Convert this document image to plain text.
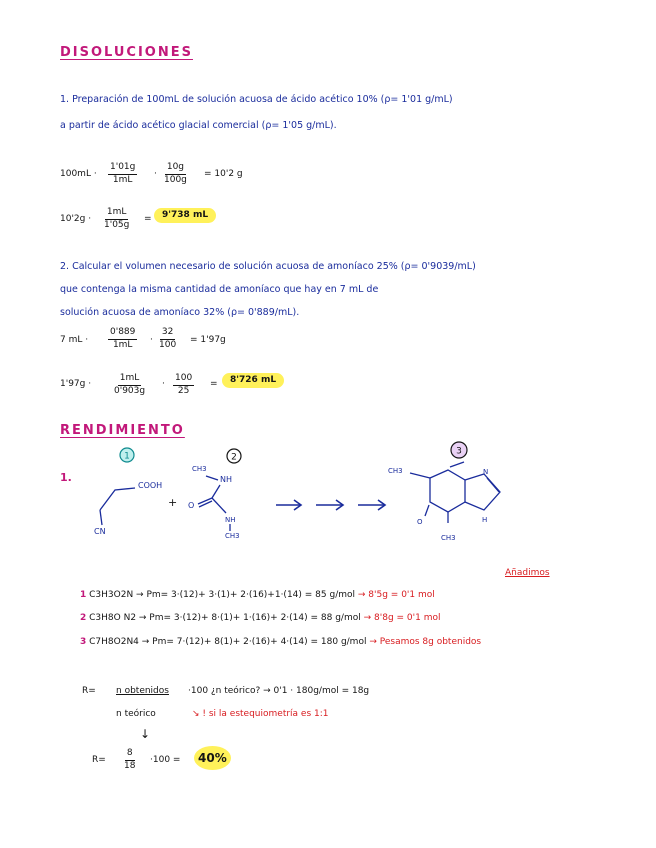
DISOLUCIONES
1. Preparación de 100mL de solución acuosa de ácido acético 10% (ρ= 1'01 g/mL)
a partir de ácido acético glacial comercial (ρ= 1'05 g/mL).
$100mL \cdot \frac{1'01g}{1mL} \cdot \frac{10g}{100g} = 10'2$ g
$10'2g \cdot \frac{1mL}{1'05g}$ =	9'738 mL
2. Calcular el volumen necesario de solución acuosa de amoníaco 25% (ρ= 0'9039/mL)
que contenga la misma cantidad de amoníaco que hay en 7 mL de
solución acuosa de amoníaco 32% (ρ= 0'889/mL).
7 mL · $\frac{0'889}{1mL} \cdot \frac{32}{100} = 1'97g$
1'97g ·	$\frac{1mL}{0'903g} \cdot \frac{100}{25}$ =	8'726 mL
RENDIMIENTO
1.
1	2
3
COOH
CN
+
CH3
NH
O
NH
CH3
CH3	N
O
CH3
H
Añadimos
1 C3H3O2N → Pm= 3·(12)+ 3·(1)+ 2·(16)+1·(14) = 85 g/mol → 8'5g = 0'1 mol
2 C3H8O N2 → Pm= 3·(12)+ 8·(1)+ 1·(16)+ 2·(14) = 88 g/mol → 8'8g = 0'1 mol
3 C7H8O2N4 → Pm= 7·(12)+ 8(1)+ 2·(16)+ 4·(14) = 180 g/mol → Pesamos 8g obtenidos
R= n obtenidos ·100 ¿n teórico? → 0'1 · 180g/mol = 18g
n teórico	↘ ! si la estequiometría es 1:1
↓
$R= \frac{8}{18} \cdot 100$ =	40%
